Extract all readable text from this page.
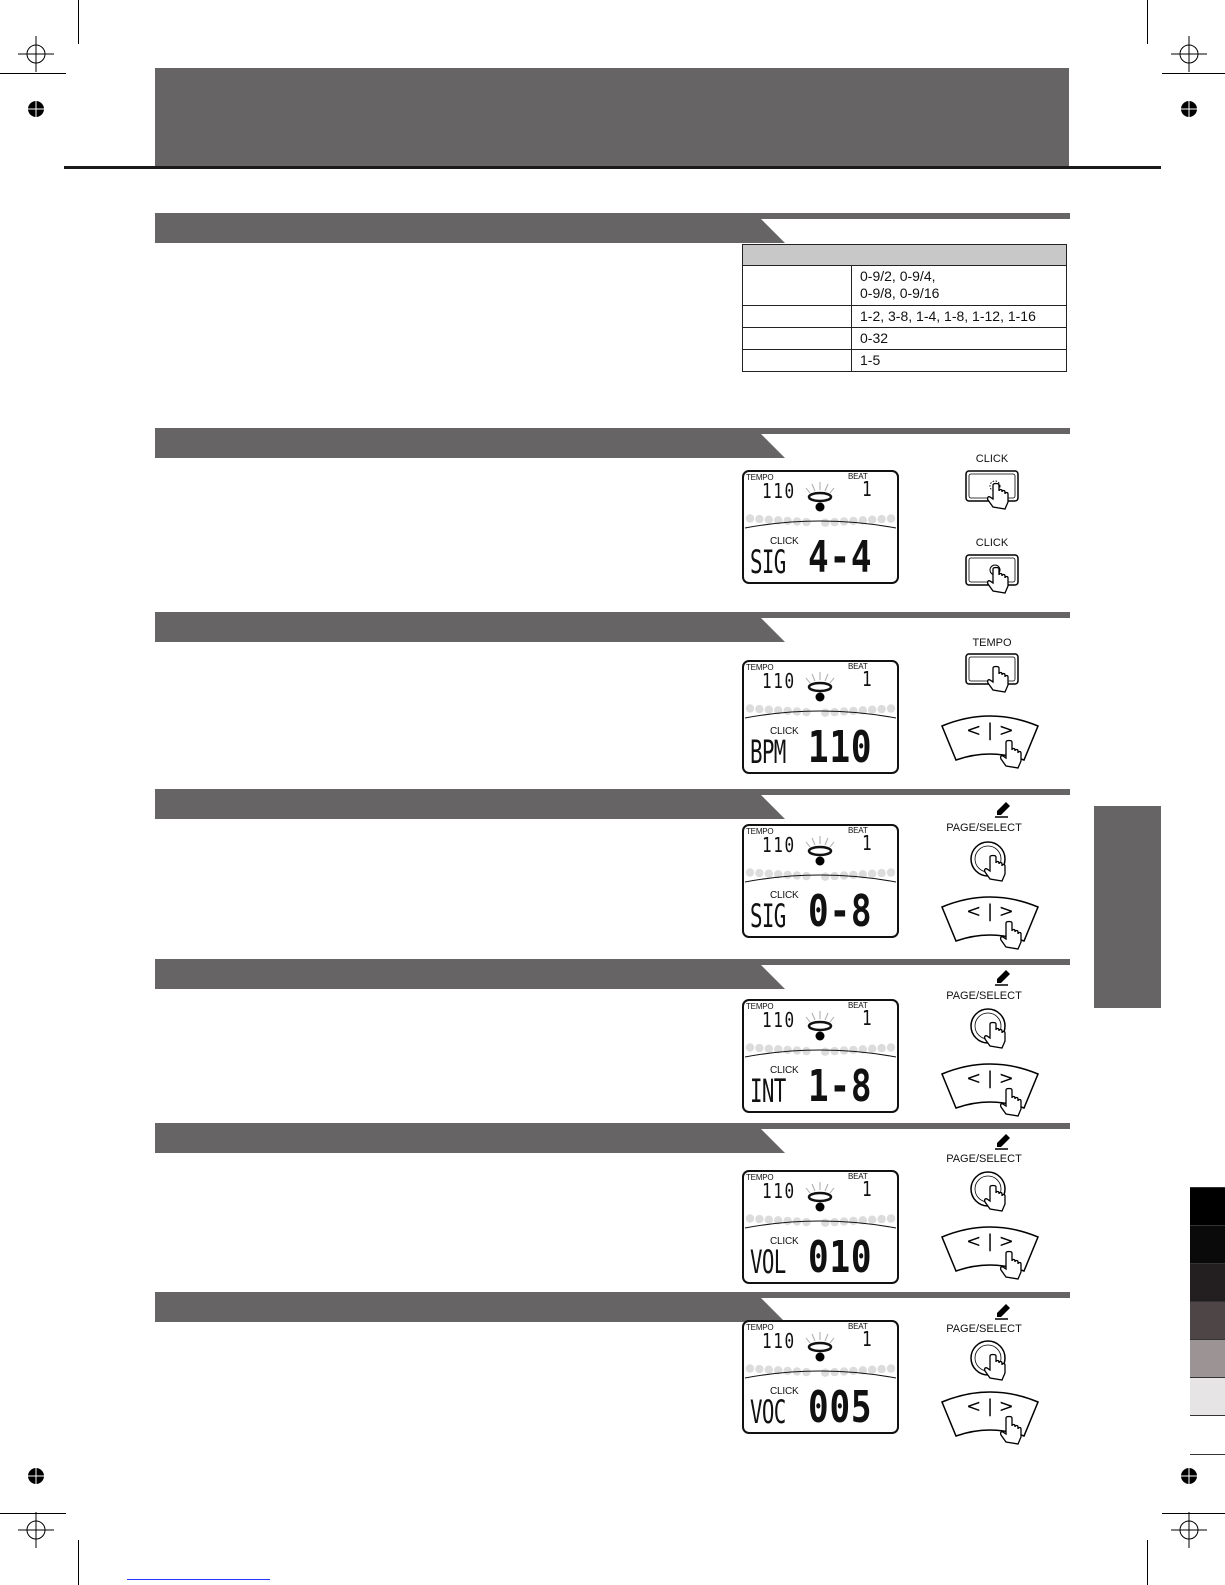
	0-9/2, 0-9/4,
0-9/8, 0-9/16
	1-2, 3-8, 1-4, 1-8, 1-12, 1-16
	0-32
	1-5
TEMPO	BEAT
110	1
CLICK
SIG 4-4
TEMPO	BEAT
110	1
CLICK
BPM 110
TEMPO	BEAT
110	1
CLICK
SIG 0-8
TEMPO	BEAT
110	1
CLICK
INT 1-8
TEMPO	BEAT
110	1
CLICK
VOL 010
TEMPO	BEAT
110	1
CLICK
VOC 005
CLICK
CLICK
TEMPO
PAGE/SELECT
PAGE/SELECT
PAGE/SELECT
PAGE/SELECT
< | >
< | >
< | >
< | >
< | >
